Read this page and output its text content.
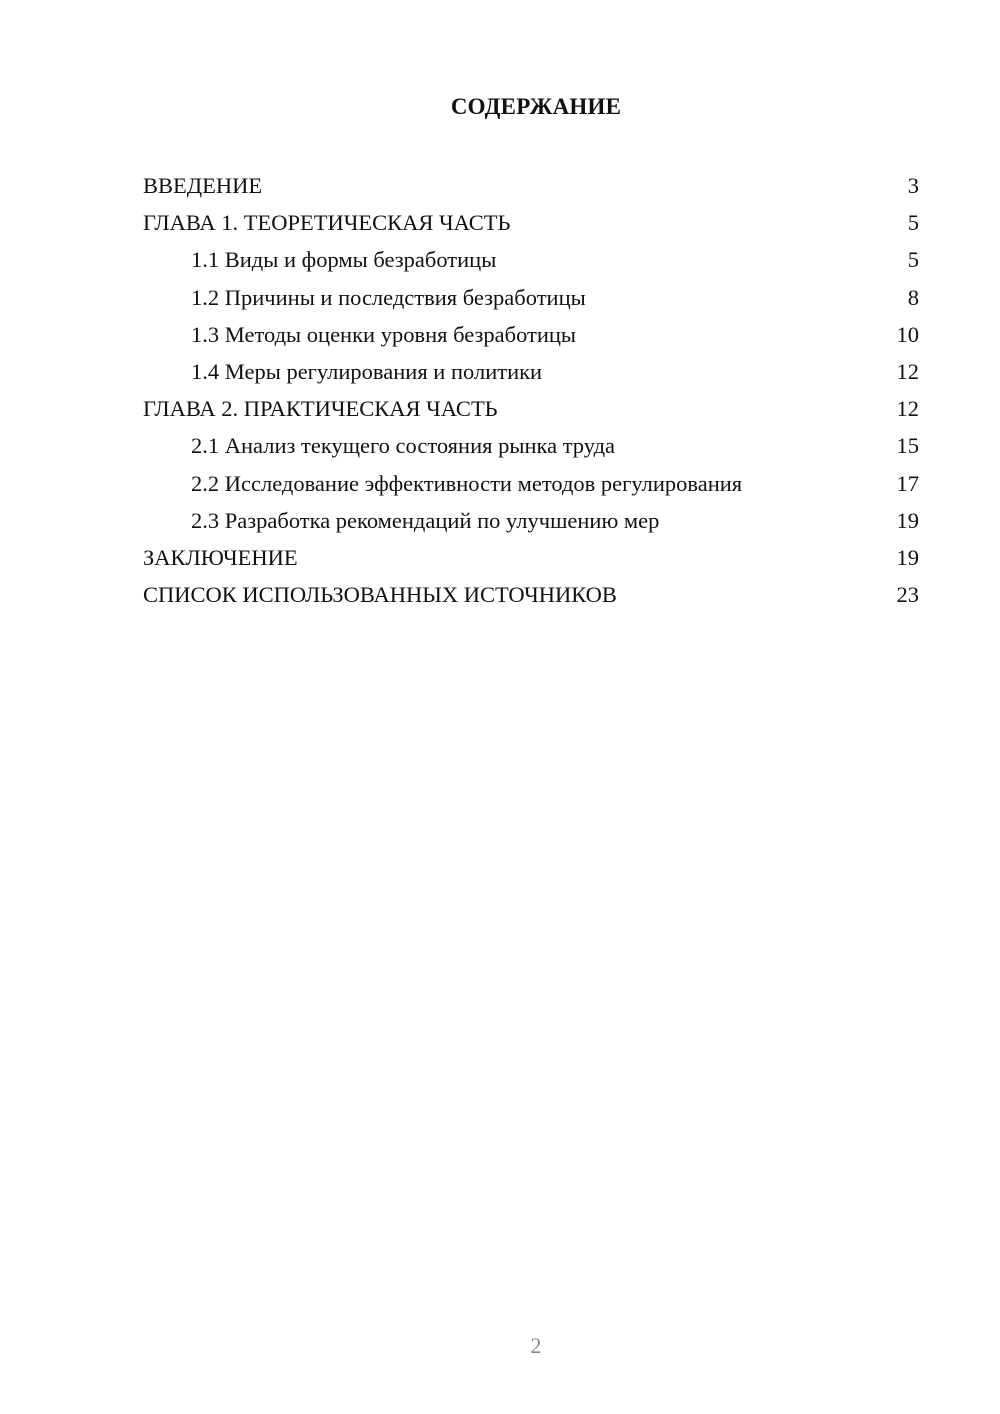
СОДЕРЖАНИЕ
ВВЕДЕНИЕ	3
ГЛАВА 1. ТЕОРЕТИЧЕСКАЯ ЧАСТЬ	5
1.1 Виды и формы безработицы	5
1.2 Причины и последствия безработицы	8
1.3 Методы оценки уровня безработицы	10
1.4 Меры регулирования и политики	12
ГЛАВА 2. ПРАКТИЧЕСКАЯ ЧАСТЬ	12
2.1 Анализ текущего состояния рынка труда	15
2.2 Исследование эффективности методов регулирования	17
2.3 Разработка рекомендаций по улучшению мер	19
ЗАКЛЮЧЕНИЕ	19
СПИСОК ИСПОЛЬЗОВАННЫХ ИСТОЧНИКОВ	23
2
